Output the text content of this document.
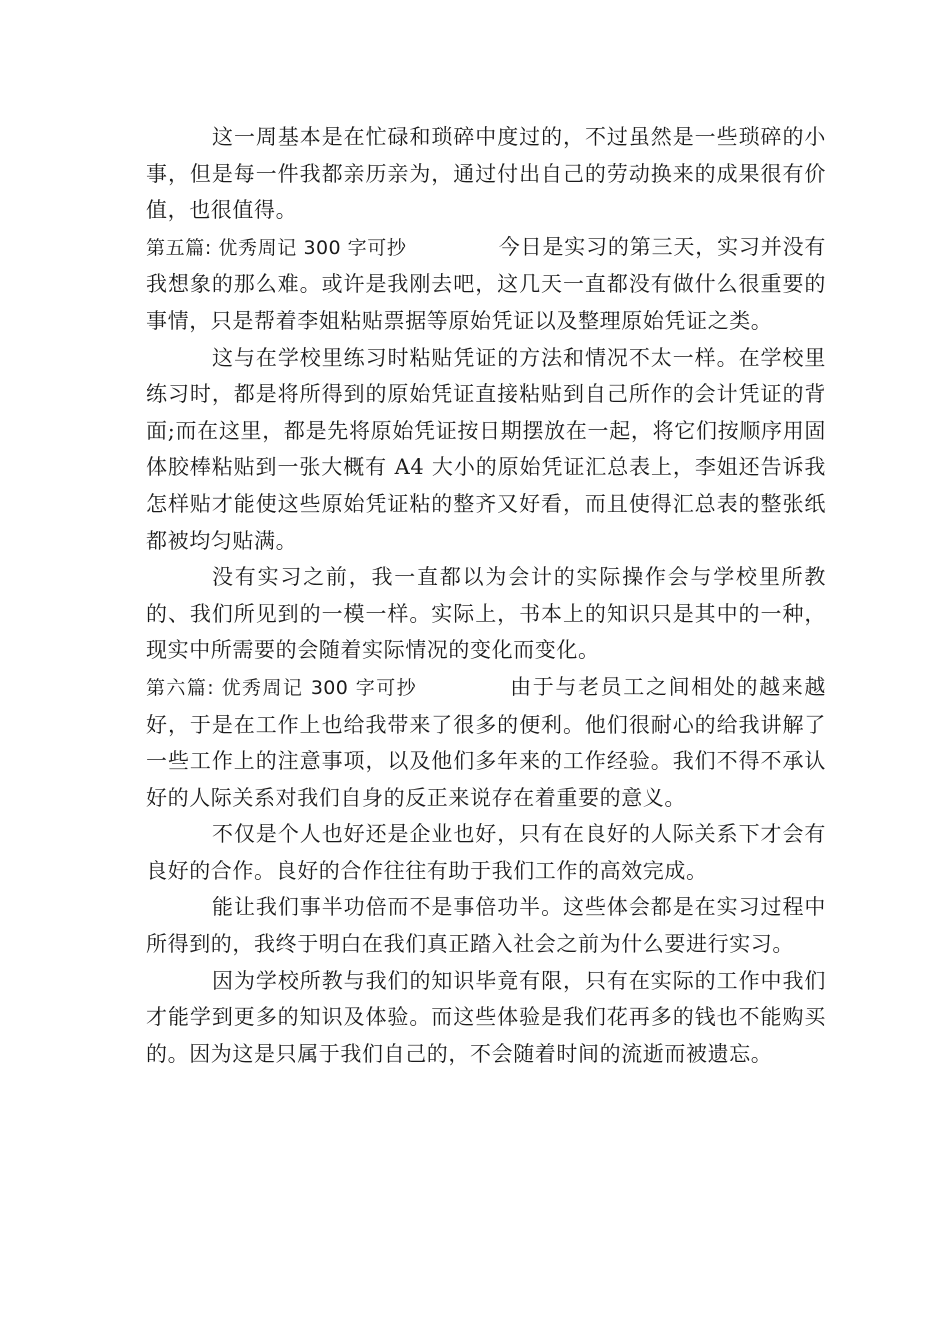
这一周基本是在忙碌和琐碎中度过的，不过虽然是一些琐碎的小事，但是每一件我都亲历亲为，通过付出自己的劳动换来的成果很有价值，也很值得。

第五篇: 优秀周记 300 字可抄	今日是实习的第三天，实习并没有我想象的那么难。或许是我刚去吧，这几天一直都没有做什么很重要的事情，只是帮着李姐粘贴票据等原始凭证以及整理原始凭证之类。

这与在学校里练习时粘贴凭证的方法和情况不太一样。在学校里练习时，都是将所得到的原始凭证直接粘贴到自己所作的会计凭证的背面;而在这里，都是先将原始凭证按日期摆放在一起，将它们按顺序用固体胶棒粘贴到一张大概有 A4 大小的原始凭证汇总表上，李姐还告诉我怎样贴才能使这些原始凭证粘的整齐又好看，而且使得汇总表的整张纸都被均匀贴满。

没有实习之前，我一直都以为会计的实际操作会与学校里所教的、我们所见到的一模一样。实际上，书本上的知识只是其中的一种，现实中所需要的会随着实际情况的变化而变化。

第六篇: 优秀周记 300 字可抄	由于与老员工之间相处的越来越好，于是在工作上也给我带来了很多的便利。他们很耐心的给我讲解了一些工作上的注意事项，以及他们多年来的工作经验。我们不得不承认好的人际关系对我们自身的反正来说存在着重要的意义。

不仅是个人也好还是企业也好，只有在良好的人际关系下才会有良好的合作。良好的合作往往有助于我们工作的高效完成。

能让我们事半功倍而不是事倍功半。这些体会都是在实习过程中所得到的，我终于明白在我们真正踏入社会之前为什么要进行实习。

因为学校所教与我们的知识毕竟有限，只有在实际的工作中我们才能学到更多的知识及体验。而这些体验是我们花再多的钱也不能购买的。因为这是只属于我们自己的，不会随着时间的流逝而被遗忘。
